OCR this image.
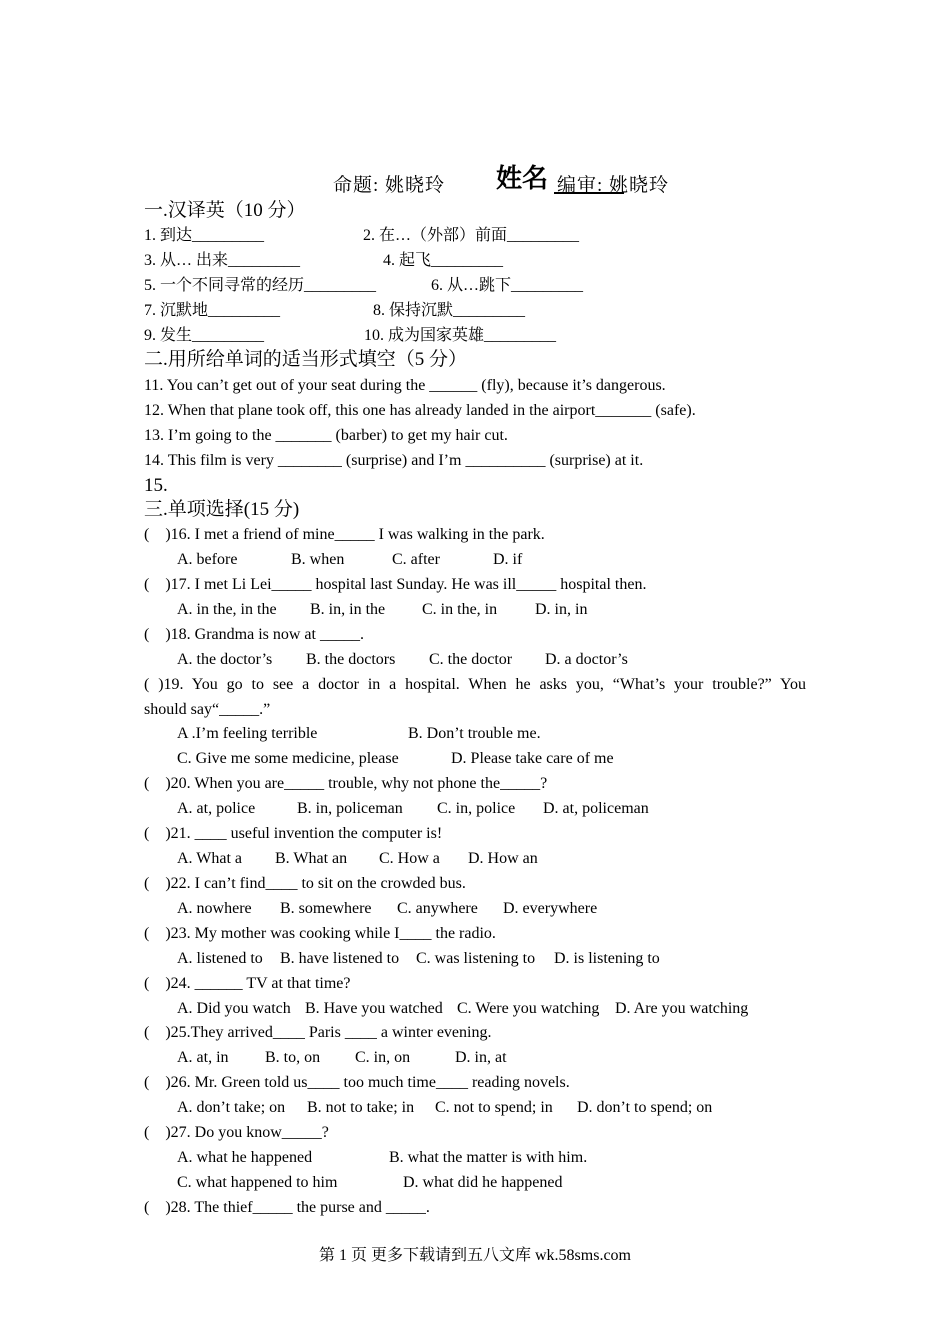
姓名

命题: 姚晓玲	编审: 姚晓玲
一.汉译英（10 分）
1. 到达_________	2. 在…（外部）前面_________
3. 从… 出来_________	4. 起飞_________
5. 一个不同寻常的经历_________	6. 从…跳下_________
7. 沉默地_________	8. 保持沉默_________
9. 发生_________	10. 成为国家英雄_________
二.用所给单词的适当形式填空（5 分）
11. You can’t get out of your seat during the ______ (fly), because it’s dangerous.
12. When that plane took off, this one has already landed in the airport_______ (safe).
13. I’m going to the _______ (barber) to get my hair cut.
14. This film is very ________ (surprise) and I’m __________ (surprise) at it.
15.
三.单项选择(15 分)
(    )16. I met a friend of mine_____ I was walking in the park.
A. before	B. when	C. after	D. if
(    )17. I met Li Lei_____ hospital last Sunday. He was ill_____ hospital then.
A. in the, in the B. in, in the C. in the, in D. in, in
(    )18. Grandma is now at _____.
A. the doctor’s B. the doctors C. the doctor D. a doctor’s
( )19. You go to see a doctor in a hospital. When he asks you, “What’s your trouble?” You
should say“_____.”
A .I’m feeling terrible	B. Don’t trouble me.
C. Give me some medicine, please	D. Please take care of me
(    )20. When you are_____ trouble, why not phone the_____?
A. at, police	B. in, policeman C. in, police D. at, policeman
(    )21. ____ useful invention the computer is!
A. What a B. What an C. How a D. How an
(    )22. I can’t find____ to sit on the crowded bus.
A. nowhere B. somewhere C. anywhere D. everywhere
(    )23. My mother was cooking while I____ the radio.
A. listened to B. have listened to C. was listening to D. is listening to
(    )24. ______ TV at that time?
A. Did you watch B. Have you watched C. Were you watching D. Are you watching
(    )25.They arrived____ Paris ____ a winter evening.
A. at, in B. to, on C. in, on	D. in, at
(    )26. Mr. Green told us____ too much time____ reading novels.
A. don’t take; on B. not to take; in C. not to spend; in D. don’t to spend; on
(    )27. Do you know_____?
A. what he happened	B. what the matter is with him.
C. what happened to him	D. what did he happened
(    )28. The thief_____ the purse and _____.
第 1 页 更多下载请到五八文库 wk.58sms.com
